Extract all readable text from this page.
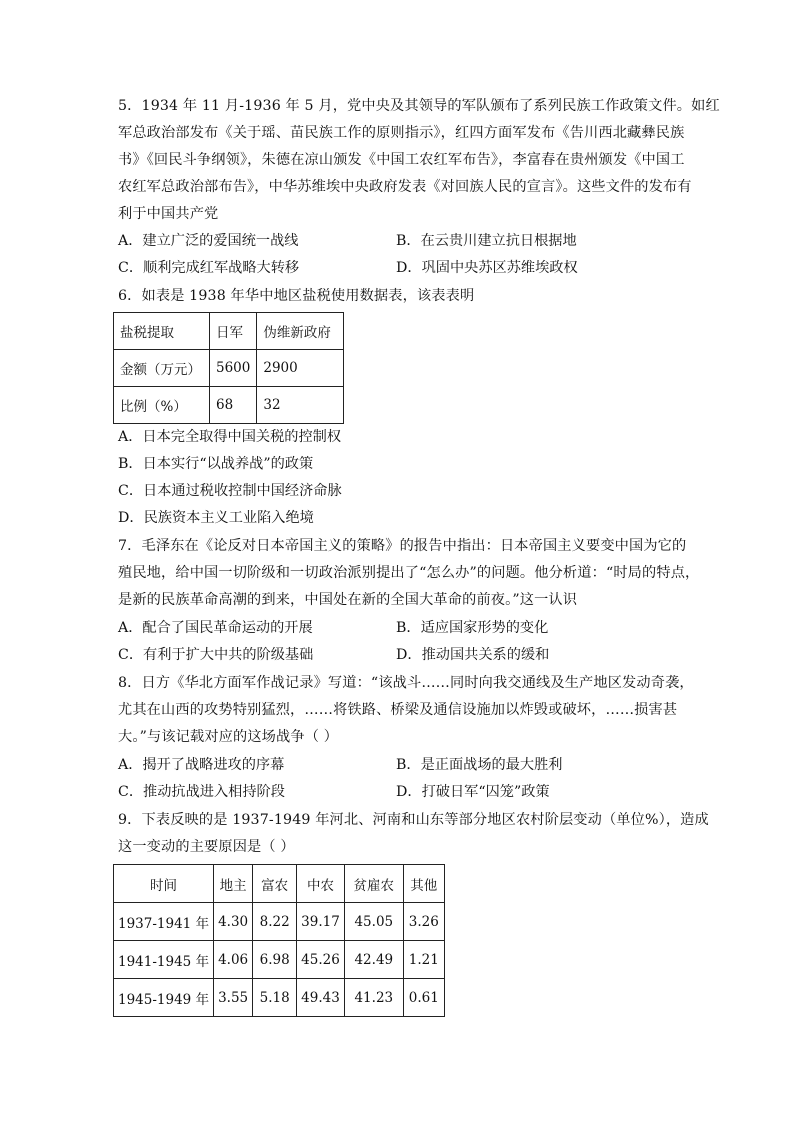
5．1934 年 11 月-1936 年 5 月，党中央及其领导的军队颁布了系列民族工作政策文件。如红
军总政治部发布《关于瑶、苗民族工作的原则指示》，红四方面军发布《告川西北藏彝民族
书》《回民斗争纲领》，朱德在凉山颁发《中国工农红军布告》，李富春在贵州颁发《中国工
农红军总政治部布告》，中华苏维埃中央政府发表《对回族人民的宣言》。这些文件的发布有
利于中国共产党
A．建立广泛的爱国统一战线	B．在云贵川建立抗日根据地
C．顺利完成红军战略大转移	D．巩固中央苏区苏维埃政权
6．如表是 1938 年华中地区盐税使用数据表，该表表明
盐税提取	日军	伪维新政府
金额（万元）	5600	2900
比例（%）	68	32
A．日本完全取得中国关税的控制权
B．日本实行“以战养战”的政策
C．日本通过税收控制中国经济命脉
D．民族资本主义工业陷入绝境
7．毛泽东在《论反对日本帝国主义的策略》的报告中指出：日本帝国主义要变中国为它的
殖民地，给中国一切阶级和一切政治派别提出了“怎么办”的问题。他分析道：“时局的特点，
是新的民族革命高潮的到来，中国处在新的全国大革命的前夜。”这一认识
A．配合了国民革命运动的开展	B．适应国家形势的变化
C．有利于扩大中共的阶级基础	D．推动国共关系的缓和
8．日方《华北方面军作战记录》写道：“该战斗……同时向我交通线及生产地区发动奇袭，
尤其在山西的攻势特别猛烈，……将铁路、桥梁及通信设施加以炸毁或破坏，……损害甚
大。”与该记载对应的这场战争（ ）
A．揭开了战略进攻的序幕	B．是正面战场的最大胜利
C．推动抗战进入相持阶段	D．打破日军“囚笼”政策
9．下表反映的是 1937-1949 年河北、河南和山东等部分地区农村阶层变动（单位%），造成
这一变动的主要原因是（ ）
时间	地主	富农	中农	贫雇农	其他
1937-1941 年	4.30	8.22	39.17	45.05	3.26
1941-1945 年	4.06	6.98	45.26	42.49	1.21
1945-1949 年	3.55	5.18	49.43	41.23	0.61
